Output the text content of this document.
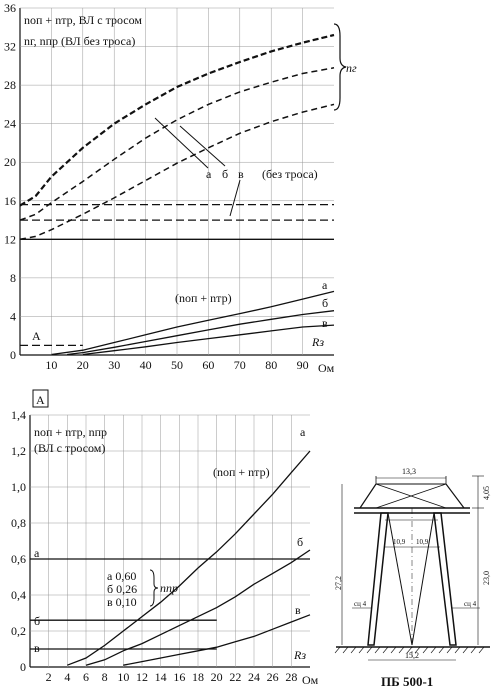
0
4
8
12
16
20
24
28
32
36
10 20 30 40 50 60 70 80 90
nоп + nтр, ВЛ с тросом
nг, nпр (ВЛ без троса)
nг
а б в (без троса)
(nоп + nтр)
а
б
в
А	Rз
Ом
А
0
0,2
0,4
0,6
0,8
1,0
1,2
1,4
2 4 6 8 10 12 14 16 18 20 22 24 26 28
nоп + nтр, nпр
(ВЛ с тросом)
(nоп + nтр)
а
б
в
Rз
а
б
в
а 0,60
б 0,26
в 0,10
nпр
Ом
13,3
10,9 10,9
сц 4	сц 4
4,05
23,0
27,2
15,2
ПБ 500-1
